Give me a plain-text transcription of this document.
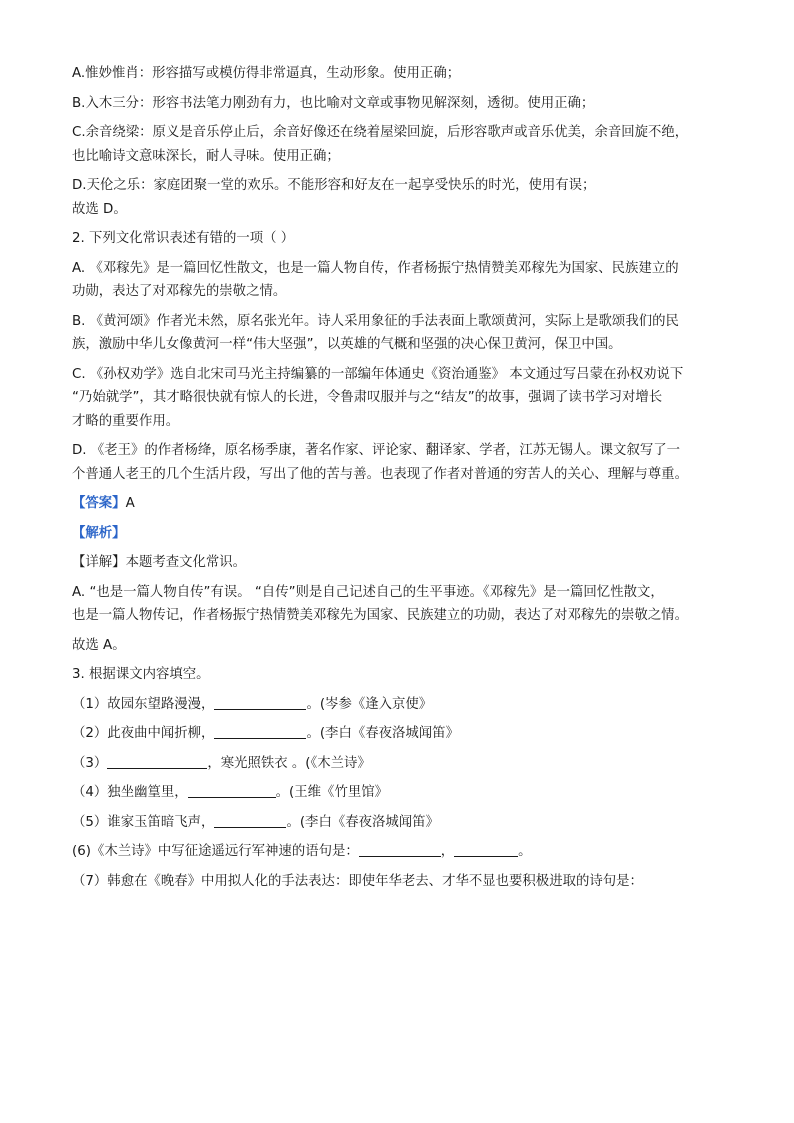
A.惟妙惟肖：形容描写或模仿得非常逼真，生动形象。使用正确；
B.入木三分：形容书法笔力刚劲有力，也比喻对文章或事物见解深刻，透彻。使用正确；
C.余音绕梁：原义是音乐停止后，余音好像还在绕着屋梁回旋，后形容歌声或音乐优美，余音回旋不绝，
也比喻诗文意味深长，耐人寻味。使用正确；
D.天伦之乐：家庭团聚一堂的欢乐。不能形容和好友在一起享受快乐的时光，使用有误；
故选 D。
2. 下列文化常识表述有错的一项（ ）
A. 《邓稼先》是一篇回忆性散文，也是一篇人物自传，作者杨振宁热情赞美邓稼先为国家、民族建立的
功勋，表达了对邓稼先的崇敬之情。
B. 《黄河颂》作者光未然，原名张光年。诗人采用象征的手法表面上歌颂黄河，实际上是歌颂我们的民
族，激励中华儿女像黄河一样“伟大坚强”，以英雄的气概和坚强的决心保卫黄河，保卫中国。
C. 《孙权劝学》选自北宋司马光主持编纂的一部编年体通史《资治通鉴》 本文通过写吕蒙在孙权劝说下
“乃始就学”，其才略很快就有惊人的长进，令鲁肃叹服并与之“结友”的故事，强调了读书学习对增长
才略的重要作用。
D. 《老王》的作者杨绛，原名杨季康，著名作家、评论家、翻译家、学者，江苏无锡人。课文叙写了一
个普通人老王的几个生活片段，写出了他的苦与善。也表现了作者对普通的穷苦人的关心、理解与尊重。
【答案】A
【解析】
【详解】本题考查文化常识。
A. “也是一篇人物自传”有误。 “自传”则是自己记述自己的生平事迹。《邓稼先》是一篇回忆性散文，
也是一篇人物传记，作者杨振宁热情赞美邓稼先为国家、民族建立的功勋，表达了对邓稼先的崇敬之情。
故选 A。
3. 根据课文内容填空。
（1）故园东望路漫漫，	。(岑参《逢入京使》
（2）此夜曲中闻折柳，	。(李白《春夜洛城闻笛》
（3）	，寒光照铁衣 。(《木兰诗》
（4）独坐幽篁里，	。(王维《竹里馆》
（5）谁家玉笛暗飞声，	。(李白《春夜洛城闻笛》
(6)《木兰诗》中写征途遥远行军神速的语句是：	，	。
（7）韩愈在《晚春》中用拟人化的手法表达：即使年华老去、才华不显也要积极进取的诗句是：
